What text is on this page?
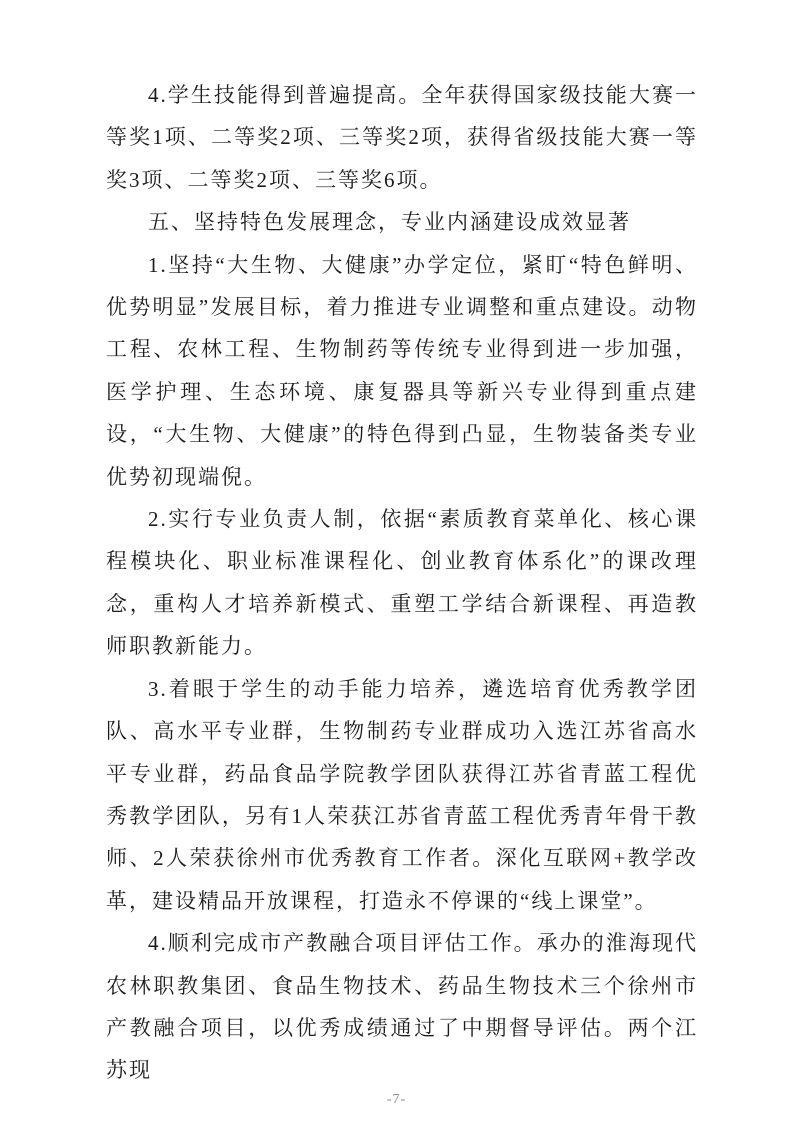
4.学生技能得到普遍提高。全年获得国家级技能大赛一等奖1项、二等奖2项、三等奖2项，获得省级技能大赛一等奖3项、二等奖2项、三等奖6项。

五、坚持特色发展理念，专业内涵建设成效显著

1.坚持“大生物、大健康”办学定位，紧盯“特色鲜明、优势明显”发展目标，着力推进专业调整和重点建设。动物工程、农林工程、生物制药等传统专业得到进一步加强，医学护理、生态环境、康复器具等新兴专业得到重点建设，“大生物、大健康”的特色得到凸显，生物装备类专业优势初现端倪。

2.实行专业负责人制，依据“素质教育菜单化、核心课程模块化、职业标准课程化、创业教育体系化”的课改理念，重构人才培养新模式、重塑工学结合新课程、再造教师职教新能力。

3.着眼于学生的动手能力培养，遴选培育优秀教学团队、高水平专业群，生物制药专业群成功入选江苏省高水平专业群，药品食品学院教学团队获得江苏省青蓝工程优秀教学团队，另有1人荣获江苏省青蓝工程优秀青年骨干教师、2人荣获徐州市优秀教育工作者。深化互联网+教学改革，建设精品开放课程，打造永不停课的“线上课堂”。

4.顺利完成市产教融合项目评估工作。承办的淮海现代农林职教集团、食品生物技术、药品生物技术三个徐州市产教融合项目，以优秀成绩通过了中期督导评估。两个江苏现

-7-
